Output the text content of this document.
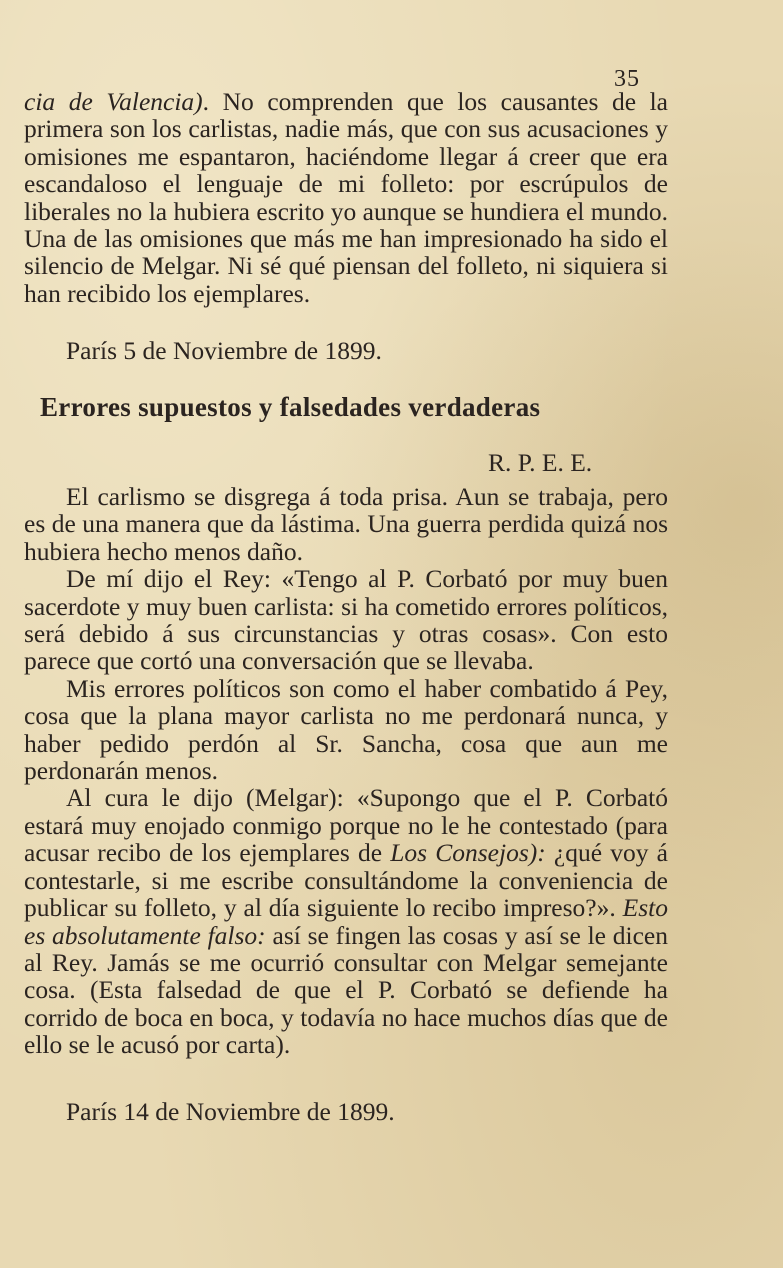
35

cia de Valencia). No comprenden que los causantes de la primera son los carlistas, nadie más, que con sus acusaciones y omisiones me espantaron, haciéndome llegar á creer que era escandaloso el lenguaje de mi folleto: por escrúpulos de liberales no la hubiera escrito yo aunque se hundiera el mundo. Una de las omisiones que más me han impresionado ha sido el silencio de Melgar. Ni sé qué piensan del folleto, ni siquiera si han recibido los ejemplares.

París 5 de Noviembre de 1899.
Errores supuestos y falsedades verdaderas
R. P. E. E.

El carlismo se disgrega á toda prisa. Aun se trabaja, pero es de una manera que da lástima. Una guerra perdida quizá nos hubiera hecho menos daño.

De mí dijo el Rey: «Tengo al P. Corbató por muy buen sacerdote y muy buen carlista: si ha cometido errores políticos, será debido á sus circunstancias y otras cosas». Con esto parece que cortó una conversación que se llevaba.

Mis errores políticos son como el haber combatido á Pey, cosa que la plana mayor carlista no me perdonará nunca, y haber pedido perdón al Sr. Sancha, cosa que aun me perdonarán menos.

Al cura le dijo (Melgar): «Supongo que el P. Corbató estará muy enojado conmigo porque no le he contestado (para acusar recibo de los ejemplares de Los Consejos): ¿qué voy á contestarle, si me escribe consultándome la conveniencia de publicar su folleto, y al día siguiente lo recibo impreso?». Esto es absolutamente falso: así se fingen las cosas y así se le dicen al Rey. Jamás se me ocurrió consultar con Melgar semejante cosa. (Esta falsedad de que el P. Corbató se defiende ha corrido de boca en boca, y todavía no hace muchos días que de ello se le acusó por carta).

París 14 de Noviembre de 1899.
